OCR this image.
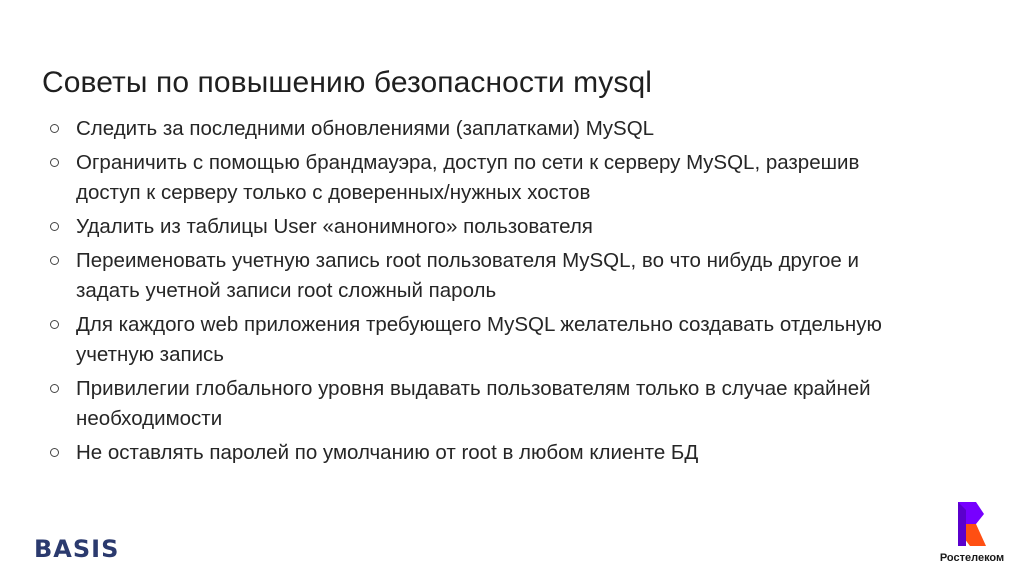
Советы по повышению безопасности mysql
Следить за последними обновлениями (заплатками) MySQL
Ограничить с помощью брандмауэра, доступ по сети к серверу MySQL, разрешив доступ к серверу только с доверенных/нужных хостов
Удалить из таблицы User «анонимного» пользователя
Переименовать учетную запись root пользователя MySQL, во что нибудь другое и задать учетной записи root сложный пароль
Для каждого web приложения требующего MySQL желательно создавать отдельную учетную запись
Привилегии глобального уровня выдавать пользователям только в случае крайней необходимости
Не оставлять паролей по умолчанию от root в любом клиенте БД
BASIS	Ростелеком
